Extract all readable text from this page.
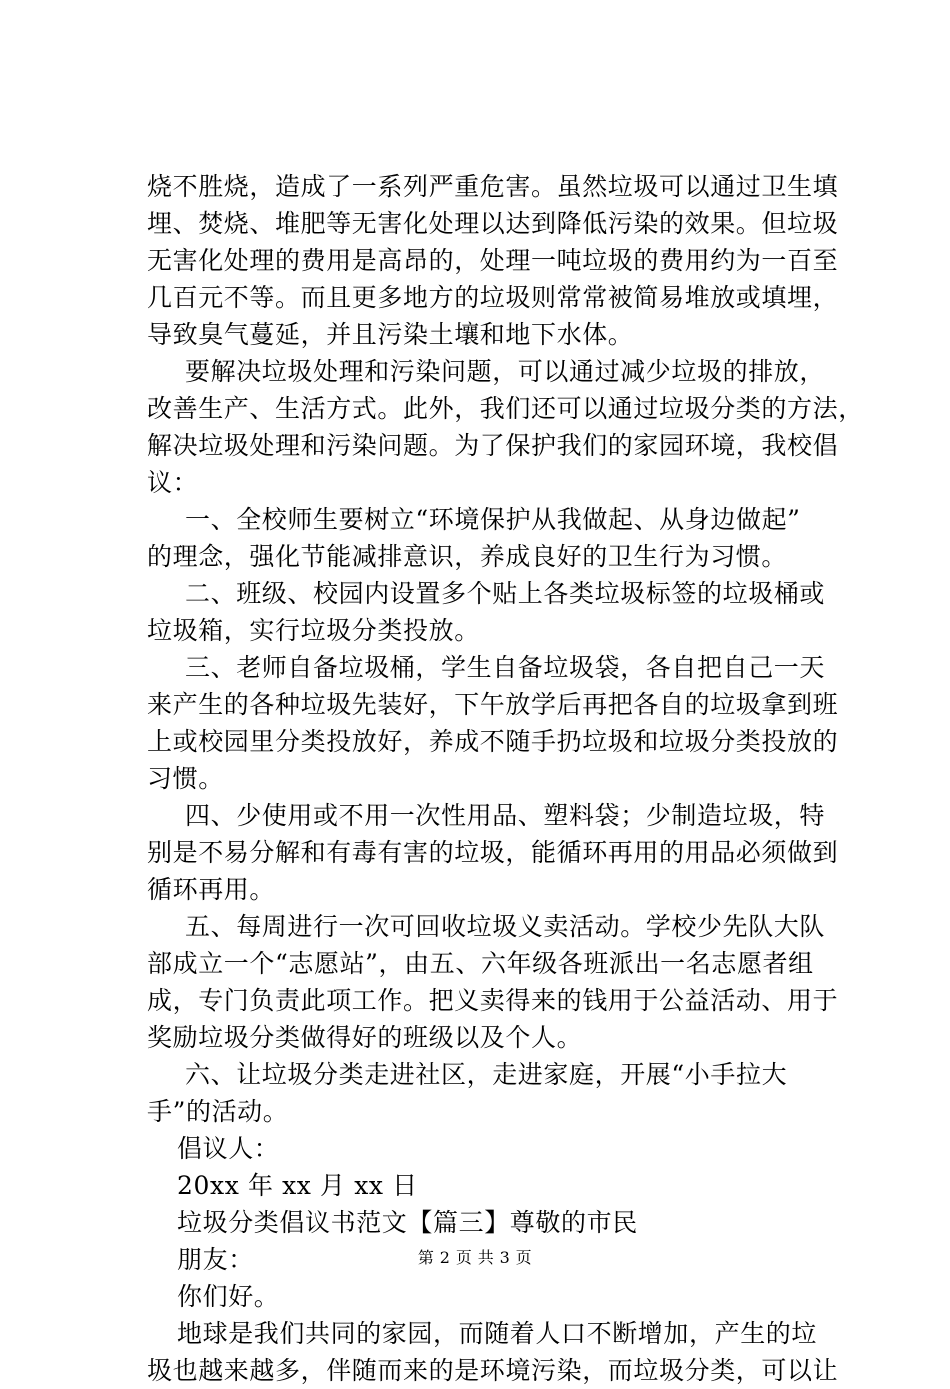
烧不胜烧，造成了一系列严重危害。虽然垃圾可以通过卫生填
埋、焚烧、堆肥等无害化处理以达到降低污染的效果。但垃圾
无害化处理的费用是高昂的，处理一吨垃圾的费用约为一百至
几百元不等。而且更多地方的垃圾则常常被简易堆放或填埋，
导致臭气蔓延，并且污染土壤和地下水体。
要解决垃圾处理和污染问题，可以通过减少垃圾的排放，
改善生产、生活方式。此外，我们还可以通过垃圾分类的方法，
解决垃圾处理和污染问题。为了保护我们的家园环境，我校倡
议：
一、全校师生要树立“环境保护从我做起、从身边做起”
的理念，强化节能减排意识，养成良好的卫生行为习惯。
二、班级、校园内设置多个贴上各类垃圾标签的垃圾桶或
垃圾箱，实行垃圾分类投放。
三、老师自备垃圾桶，学生自备垃圾袋，各自把自己一天
来产生的各种垃圾先装好，下午放学后再把各自的垃圾拿到班
上或校园里分类投放好，养成不随手扔垃圾和垃圾分类投放的
习惯。
四、少使用或不用一次性用品、塑料袋；少制造垃圾，特
别是不易分解和有毒有害的垃圾，能循环再用的用品必须做到
循环再用。
五、每周进行一次可回收垃圾义卖活动。学校少先队大队
部成立一个“志愿站”，由五、六年级各班派出一名志愿者组
成，专门负责此项工作。把义卖得来的钱用于公益活动、用于
奖励垃圾分类做得好的班级以及个人。
六、让垃圾分类走进社区，走进家庭，开展“小手拉大
手”的活动。
倡议人：
20xx 年 xx 月 xx 日
垃圾分类倡议书范文【篇三】尊敬的市民
朋友：
你们好。
地球是我们共同的家园，而随着人口不断增加，产生的垃
圾也越来越多，伴随而来的是环境污染，而垃圾分类，可以让
第 2 页 共 3 页
